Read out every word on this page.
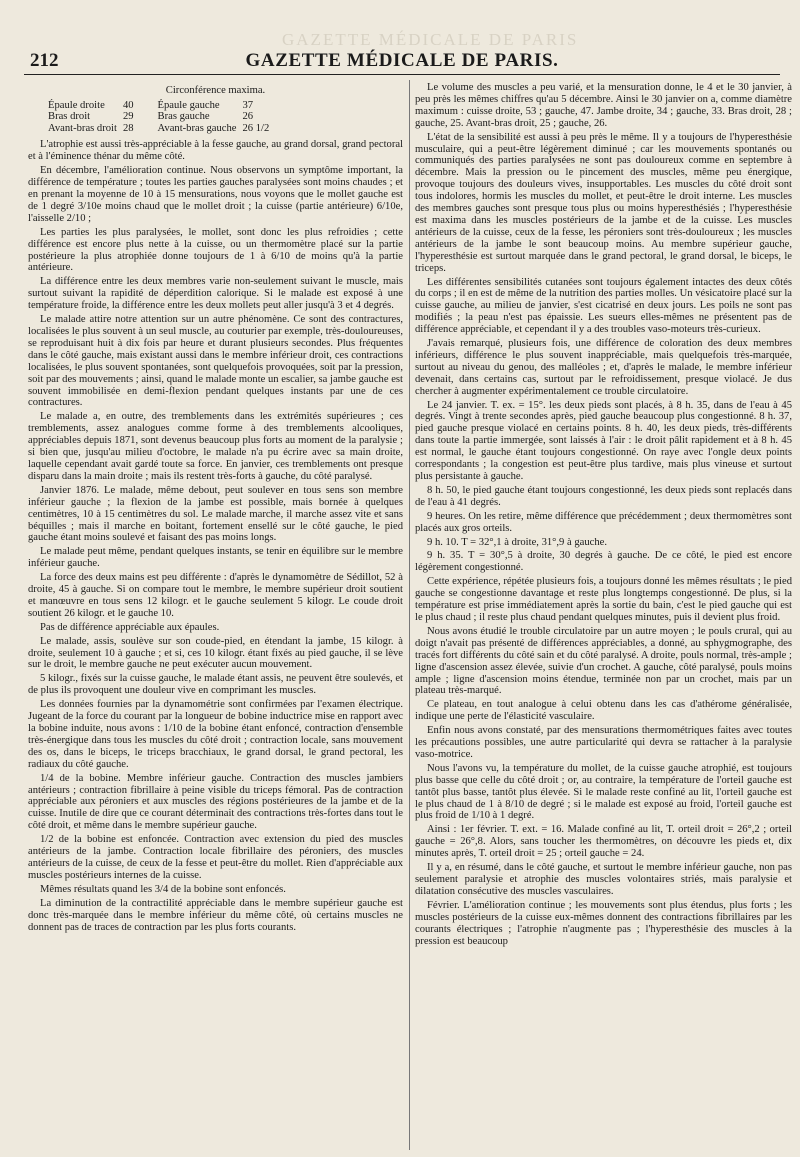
GAZETTE MÉDICALE DE PARIS
212	GAZETTE MÉDICALE DE PARIS.

Circonférence maxima.

Épaule droite	40	Épaule gauche	37
Bras droit	29	Bras gauche	26
Avant-bras droit	28	Avant-bras gauche	26 1/2

L'atrophie est aussi très-appréciable à la fesse gauche, au grand dorsal, grand pectoral et à l'éminence thénar du même côté.

En décembre, l'amélioration continue. Nous observons un symptôme important, la différence de température ; toutes les parties gauches paralysées sont moins chaudes ; et en prenant la moyenne de 10 à 15 mensurations, nous voyons que le mollet gauche est de 1 degré 3/10e moins chaud que le mollet droit ; la cuisse (partie antérieure) 6/10e, l'aisselle 2/10 ;

Les parties les plus paralysées, le mollet, sont donc les plus refroidies ; cette différence est encore plus nette à la cuisse, ou un thermomètre placé sur la partie postérieure la plus atrophiée donne toujours de 1 à 6/10 de moins qu'à la partie antérieure.

La différence entre les deux membres varie non-seulement suivant le muscle, mais surtout suivant la rapidité de déperdition calorique. Si le malade est exposé à une température froide, la différence entre les deux mollets peut aller jusqu'à 3 et 4 degrés.

Le malade attire notre attention sur un autre phénomène. Ce sont des contractures, localisées le plus souvent à un seul muscle, au couturier par exemple, très-douloureuses, se reproduisant huit à dix fois par heure et durant plusieurs secondes. Plus fréquentes dans le côté gauche, mais existant aussi dans le membre inférieur droit, ces contractions localisées, le plus souvent spontanées, sont quelquefois provoquées, soit par la pression, soit par des mouvements ; ainsi, quand le malade monte un escalier, sa jambe gauche est souvent immobilisée en demi-flexion pendant quelques instants par une de ces contractures.

Le malade a, en outre, des tremblements dans les extrémités supérieures ; ces tremblements, assez analogues comme forme à des tremblements alcooliques, appréciables depuis 1871, sont devenus beaucoup plus forts au moment de la paralysie ; si bien que, jusqu'au milieu d'octobre, le malade n'a pu écrire avec sa main droite, laquelle cependant avait gardé toute sa force. En janvier, ces tremblements ont presque disparu dans la main droite ; mais ils restent très-forts à gauche, du côté paralysé.

Janvier 1876. Le malade, même debout, peut soulever en tous sens son membre inférieur gauche ; la flexion de la jambe est possible, mais bornée à quelques centimètres, 10 à 15 centimètres du sol. Le malade marche, il marche assez vite et sans béquilles ; mais il marche en boitant, fortement ensellé sur le côté gauche, le pied gauche étant moins soulevé et faisant des pas moins longs.

Le malade peut même, pendant quelques instants, se tenir en équilibre sur le membre inférieur gauche.

La force des deux mains est peu différente : d'après le dynamomètre de Sédillot, 52 à droite, 45 à gauche. Si on compare tout le membre, le membre supérieur droit soutient et manœuvre en tous sens 12 kilogr. et le gauche seulement 5 kilogr. Le coude droit soutient 26 kilogr. et le gauche 10.

Pas de différence appréciable aux épaules.

Le malade, assis, soulève sur son coude-pied, en étendant la jambe, 15 kilogr. à droite, seulement 10 à gauche ; et si, ces 10 kilogr. étant fixés au pied gauche, il se lève sur le droit, le membre gauche ne peut exécuter aucun mouvement.

5 kilogr., fixés sur la cuisse gauche, le malade étant assis, ne peuvent être soulevés, et de plus ils provoquent une douleur vive en comprimant les muscles.

Les données fournies par la dynamométrie sont confirmées par l'examen électrique. Jugeant de la force du courant par la longueur de bobine inductrice mise en rapport avec la bobine induite, nous avons : 1/10 de la bobine étant enfoncé, contraction d'ensemble très-énergique dans tous les muscles du côté droit ; contraction locale, sans mouvement des os, dans le biceps, le triceps bracchiaux, le grand dorsal, le grand pectoral, les radiaux du côté gauche.

1/4 de la bobine. Membre inférieur gauche. Contraction des muscles jambiers antérieurs ; contraction fibrillaire à peine visible du triceps fémoral. Pas de contraction appréciable aux péroniers et aux muscles des régions postérieures de la jambe et de la cuisse. Inutile de dire que ce courant déterminait des contractions très-fortes dans tout le côté droit, et même dans le membre supérieur gauche.

1/2 de la bobine est enfoncée. Contraction avec extension du pied des muscles antérieurs de la jambe. Contraction locale fibrillaire des péroniers, des muscles antérieurs de la cuisse, de ceux de la fesse et peut-être du mollet. Rien d'appréciable aux muscles postérieurs internes de la cuisse.

Mêmes résultats quand les 3/4 de la bobine sont enfoncés.

La diminution de la contractilité appréciable dans le membre supérieur gauche est donc très-marquée dans le membre inférieur du même côté, où certains muscles ne donnent pas de traces de contraction par les plus forts courants.

Le volume des muscles a peu varié, et la mensuration donne, le 4 et le 30 janvier, à peu près les mêmes chiffres qu'au 5 décembre. Ainsi le 30 janvier on a, comme diamètre maximum : cuisse droite, 53 ; gauche, 47. Jambe droite, 34 ; gauche, 33. Bras droit, 28 ; gauche, 25. Avant-bras droit, 25 ; gauche, 26.

L'état de la sensibilité est aussi à peu près le même. Il y a toujours de l'hyperesthésie musculaire, qui a peut-être légèrement diminué ; car les mouvements spontanés ou communiqués des parties paralysées ne sont pas douloureux comme en septembre à décembre. Mais la pression ou le pincement des muscles, même peu énergique, provoque toujours des douleurs vives, insupportables. Les muscles du côté droit sont tous indolores, hormis les muscles du mollet, et peut-être le droit interne. Les muscles des membres gauches sont presque tous plus ou moins hyperesthésiés ; l'hyperesthésie est maxima dans les muscles postérieurs de la jambe et de la cuisse. Les muscles antérieurs de la cuisse, ceux de la fesse, les péroniers sont très-douloureux ; les muscles antérieurs de la jambe le sont beaucoup moins. Au membre supérieur gauche, l'hyperesthésie est surtout marquée dans le grand pectoral, le grand dorsal, le biceps, le triceps.

Les différentes sensibilités cutanées sont toujours également intactes des deux côtés du corps ; il en est de même de la nutrition des parties molles. Un vésicatoire placé sur la cuisse gauche, au milieu de janvier, s'est cicatrisé en deux jours. Les poils ne sont pas modifiés ; la peau n'est pas épaissie. Les sueurs elles-mêmes ne présentent pas de différence appréciable, et cependant il y a des troubles vaso-moteurs très-curieux.

J'avais remarqué, plusieurs fois, une différence de coloration des deux membres inférieurs, différence le plus souvent inappréciable, mais quelquefois très-marquée, surtout au niveau du genou, des malléoles ; et, d'après le malade, le membre inférieur devenait, dans certains cas, surtout par le refroidissement, presque violacé. Je dus chercher à augmenter expérimentalement ce trouble circulatoire.

Le 24 janvier. T. ex. = 15°. les deux pieds sont placés, à 8 h. 35, dans de l'eau à 45 degrés. Vingt à trente secondes après, pied gauche beaucoup plus congestionné. 8 h. 37, pied gauche presque violacé en certains points. 8 h. 40, les deux pieds, très-différents dans toute la partie immergée, sont laissés à l'air : le droit pâlit rapidement et à 8 h. 45 est normal, le gauche étant toujours congestionné. On raye avec l'ongle deux points correspondants ; la congestion est peut-être plus tardive, mais plus vineuse et surtout plus persistante à gauche.

8 h. 50, le pied gauche étant toujours congestionné, les deux pieds sont replacés dans de l'eau à 41 degrés.

9 heures. On les retire, même différence que précédemment ; deux thermomètres sont placés aux gros orteils.

9 h. 10. T = 32°,1 à droite, 31°,9 à gauche.

9 h. 35. T = 30°,5 à droite, 30 degrés à gauche. De ce côté, le pied est encore légèrement congestionné.

Cette expérience, répétée plusieurs fois, a toujours donné les mêmes résultats ; le pied gauche se congestionne davantage et reste plus longtemps congestionné. De plus, si la température est prise immédiatement après la sortie du bain, c'est le pied gauche qui est le plus chaud ; il reste plus chaud pendant quelques minutes, puis il devient plus froid.

Nous avons étudié le trouble circulatoire par un autre moyen ; le pouls crural, qui au doigt n'avait pas présenté de différences appréciables, a donné, au sphygmographe, des tracés fort différents du côté sain et du côté paralysé. A droite, pouls normal, très-ample ; ligne d'ascension assez élevée, suivie d'un crochet. A gauche, côté paralysé, pouls moins ample ; ligne d'ascension moins étendue, terminée non par un crochet, mais par un plateau très-marqué.

Ce plateau, en tout analogue à celui obtenu dans les cas d'athérome généralisée, indique une perte de l'élasticité vasculaire.

Enfin nous avons constaté, par des mensurations thermométriques faites avec toutes les précautions possibles, une autre particularité qui devra se rattacher à la paralysie vaso-motrice.

Nous l'avons vu, la température du mollet, de la cuisse gauche atrophié, est toujours plus basse que celle du côté droit ; or, au contraire, la température de l'orteil gauche est tantôt plus basse, tantôt plus élevée. Si le malade reste confiné au lit, l'orteil gauche est le plus chaud de 1 à 8/10 de degré ; si le malade est exposé au froid, l'orteil gauche est plus froid de 1/10 à 1 degré.

Ainsi : 1er février. T. ext. = 16. Malade confiné au lit, T. orteil droit = 26°,2 ; orteil gauche = 26°,8. Alors, sans toucher les thermomètres, on découvre les pieds et, dix minutes après, T. orteil droit = 25 ; orteil gauche = 24.

Il y a, en résumé, dans le côté gauche, et surtout le membre inférieur gauche, non pas seulement paralysie et atrophie des muscles volontaires striés, mais paralysie et dilatation consécutive des muscles vasculaires.

Février. L'amélioration continue ; les mouvements sont plus étendus, plus forts ; les muscles postérieurs de la cuisse eux-mêmes donnent des contractions fibrillaires par les courants électriques ; l'atrophie n'augmente pas ; l'hyperesthésie des muscles à la pression est beaucoup
